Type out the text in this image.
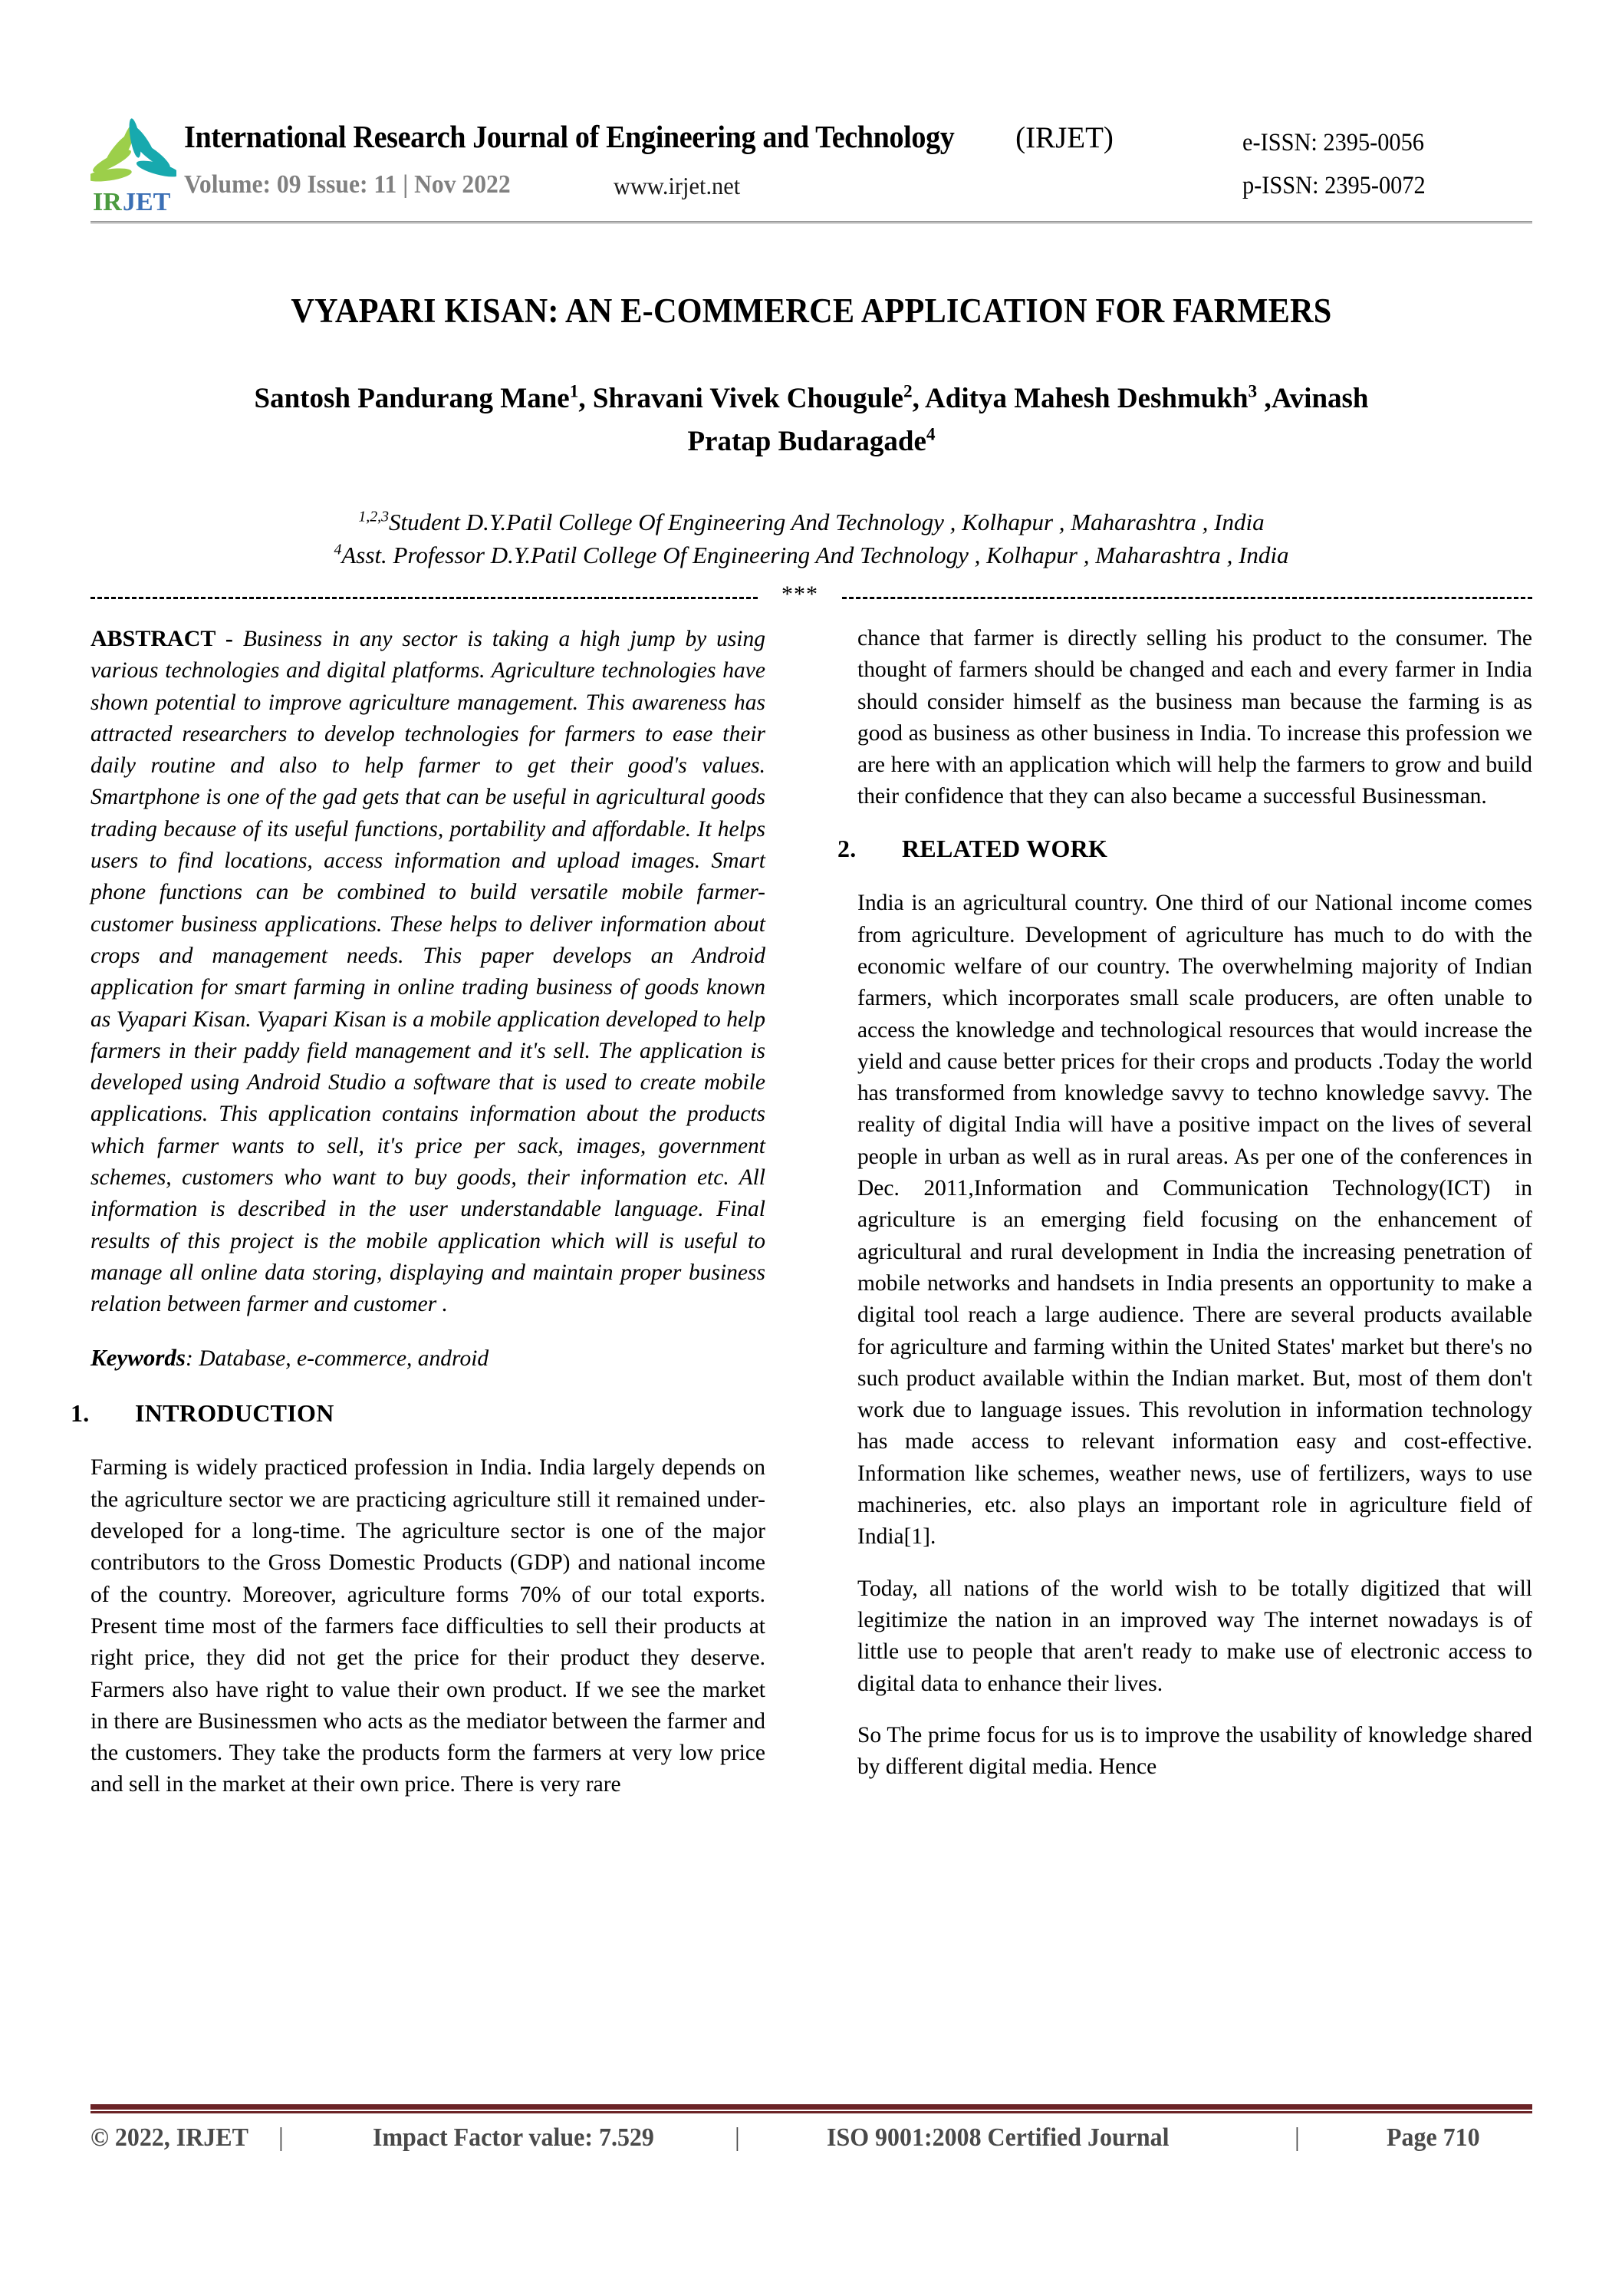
IR JET
International Research Journal of Engineering and Technology (IRJET)	e-ISSN: 2395-0056
Volume: 09 Issue: 11 | Nov 2022	www.irjet.net	p-ISSN: 2395-0072
VYAPARI KISAN: AN E-COMMERCE APPLICATION FOR FARMERS
Santosh Pandurang Mane$^1$, Shravani Vivek Chougule$^2$, Aditya Mahesh Deshmukh$^3$ ,Avinash
Pratap Budaragade$^4$
$^{1,2,3}$Student D.Y.Patil College Of Engineering And Technology , Kolhapur , Maharashtra , India
$^4$Asst. Professor D.Y.Patil College Of Engineering And Technology , Kolhapur , Maharashtra , India
***

ABSTRACT - Business in any sector is taking a high jump by using various technologies and digital platforms. Agriculture technologies have shown potential to improve agriculture management. This awareness has attracted researchers to develop technologies for farmers to ease their daily routine and also to help farmer to get their good's values. Smartphone is one of the gad gets that can be useful in agricultural goods trading because of its useful functions, portability and affordable. It helps users to find locations, access information and upload images. Smart phone functions can be combined to build versatile mobile farmer-customer business applications. These helps to deliver information about crops and management needs. This paper develops an Android application for smart farming in online trading business of goods known as Vyapari Kisan. Vyapari Kisan is a mobile application developed to help farmers in their paddy field management and it's sell. The application is developed using Android Studio a software that is used to create mobile applications. This application contains information about the products which farmer wants to sell, it's price per sack, images, government schemes, customers who want to buy goods, their information etc. All information is described in the user understandable language. Final results of this project is the mobile application which will is useful to manage all online data storing, displaying and maintain proper business relation between farmer and customer .

Keywords: Database, e-commerce, android

1. INTRODUCTION

Farming is widely practiced profession in India. India largely depends on the agriculture sector we are practicing agriculture still it remained under-developed for a long-time. The agriculture sector is one of the major contributors to the Gross Domestic Products (GDP) and national income of the country. Moreover, agriculture forms 70% of our total exports. Present time most of the farmers face difficulties to sell their products at right price, they did not get the price for their product they deserve. Farmers also have right to value their own product. If we see the market in there are Businessmen who acts as the mediator between the farmer and the customers. They take the products form the farmers at very low price and sell in the market at their own price. There is very rare

chance that farmer is directly selling his product to the consumer. The thought of farmers should be changed and each and every farmer in India should consider himself as the business man because the farming is as good as business as other business in India. To increase this profession we are here with an application which will help the farmers to grow and build their confidence that they can also became a successful Businessman.

2. RELATED WORK

India is an agricultural country. One third of our National income comes from agriculture. Development of agriculture has much to do with the economic welfare of our country. The overwhelming majority of Indian farmers, which incorporates small scale producers, are often unable to access the knowledge and technological resources that would increase the yield and cause better prices for their crops and products .Today the world has transformed from knowledge savvy to techno knowledge savvy. The reality of digital India will have a positive impact on the lives of several people in urban as well as in rural areas. As per one of the conferences in Dec. 2011,Information and Communication Technology(ICT) in agriculture is an emerging field focusing on the enhancement of agricultural and rural development in India the increasing penetration of mobile networks and handsets in India presents an opportunity to make a digital tool reach a large audience. There are several products available for agriculture and farming within the United States' market but there's no such product available within the Indian market. But, most of them don't work due to language issues. This revolution in information technology has made access to relevant information easy and cost-effective. Information like schemes, weather news, use of fertilizers, ways to use machineries, etc. also plays an important role in agriculture field of India[1].

Today, all nations of the world wish to be totally digitized that will legitimize the nation in an improved way The internet nowadays is of little use to people that aren't ready to make use of electronic access to digital data to enhance their lives.

So The prime focus for us is to improve the usability of knowledge shared by different digital media. Hence

© 2022, IRJET |	Impact Factor value: 7.529	|	ISO 9001:2008 Certified Journal	|	Page 710
